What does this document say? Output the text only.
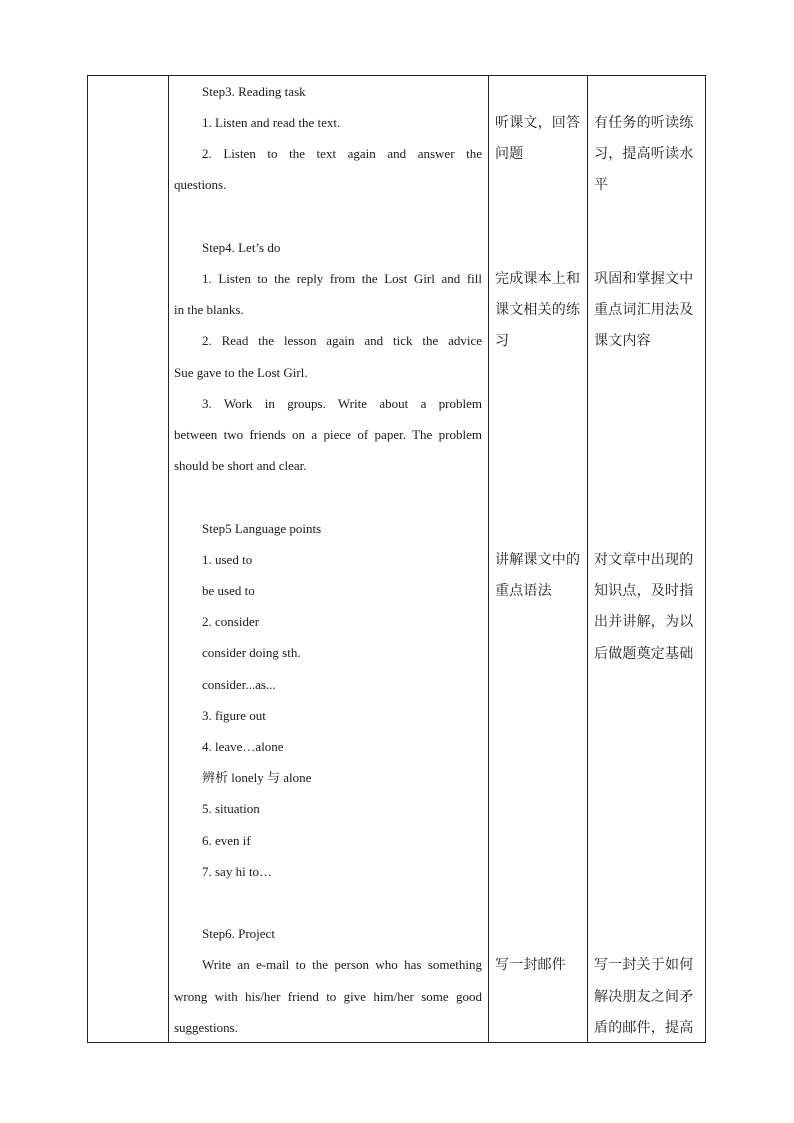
Step3. Reading task
1. Listen and read the text.
2. Listen to the text again and answer the
questions.
听课文，回答
问题
有任务的听读练
习，提高听读水
平
Step4. Let’s do
1. Listen to the reply from the Lost Girl and fill
in the blanks.
2. Read the lesson again and tick the advice
Sue gave to the Lost Girl.
3. Work in groups. Write about a problem
between two friends on a piece of paper. The problem
should be short and clear.
完成课本上和
课文相关的练
习
巩固和掌握文中
重点词汇用法及
课文内容
Step5 Language points
1. used to
be used to
2. consider
consider doing sth.
consider...as...
3. figure out
4. leave…alone
辨析 lonely 与 alone
5. situation
6. even if
7. say hi to…
讲解课文中的
重点语法
对文章中出现的
知识点，及时指
出并讲解，为以
后做题奠定基础
Step6. Project
Write an e-mail to the person who has something
wrong with his/her friend to give him/her some good
suggestions.
写一封邮件 写一封关于如何
解决朋友之间矛
盾的邮件，提高
